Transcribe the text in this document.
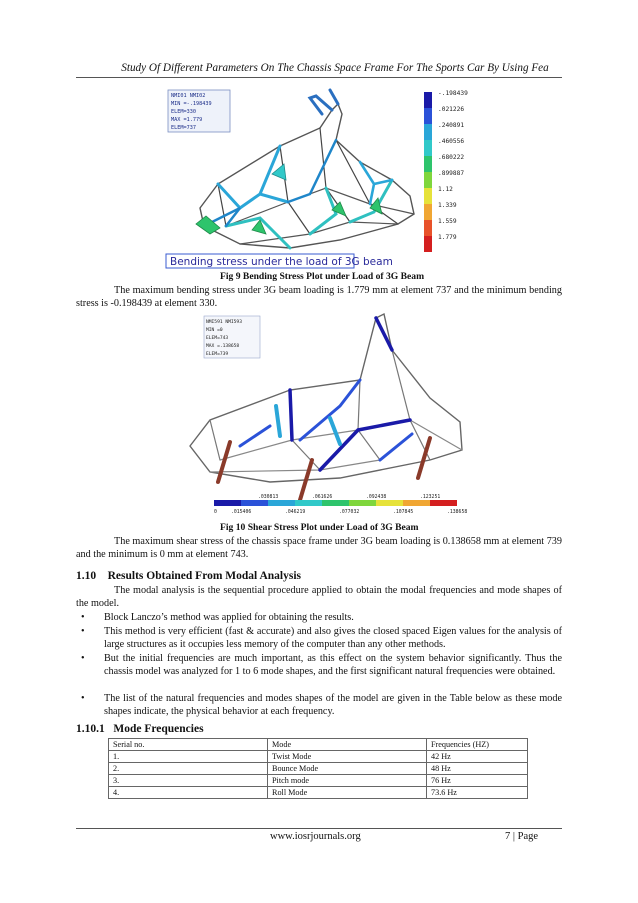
Study Of Different Parameters On The Chassis Space Frame For The Sports Car By Using Fea
NMI01 NMI02
MIN =-.198439
ELEM=330
MAX =1.779
ELEM=737
-.198439
.021226
.240891
.460556
.680222
.899887
1.12
1.339
1.559
1.779
Bending stress under the load of 3G beam
Fig 9 Bending Stress Plot under Load of 3G Beam
The maximum bending stress under 3G beam loading is 1.779 mm at element 737 and the minimum bending stress is -0.198439 at element 330.
NMI591 NMI593
MIN =0
ELEM=743
MAX =.138658
ELEM=739
.030813	.061626	.092438	.123251
0	.015406	.046219	.077032	.107845	.138658
Fig 10 Shear Stress Plot under Load of 3G Beam
The maximum shear stress of the chassis space frame under 3G beam loading is 0.138658 mm at element 739 and the minimum is 0 mm at element 743.
1.10 Results Obtained From Modal Analysis
The modal analysis is the sequential procedure applied to obtain the modal frequencies and mode shapes of the model.
• Block Lanczo’s method was applied for obtaining the results.
• This method is very efficient (fast & accurate) and also gives the closed spaced Eigen values for the analysis of large structures as it occupies less memory of the computer than any other methods.
• But the initial frequencies are much important, as this effect on the system behavior significantly. Thus the chassis model was analyzed for 1 to 6 mode shapes, and the first significant natural frequencies were obtained.
• The list of the natural frequencies and modes shapes of the model are given in the Table below as these mode shapes indicate, the physical behavior at each frequency.
1.10.1 Mode Frequencies
Serial no.	Mode	Frequencies (HZ)
1.	Twist Mode	42 Hz
2.	Bounce Mode	48 Hz
3.	Pitch mode	76 Hz
4.	Roll Mode	73.6 Hz
www.iosrjournals.org	7 | Page
